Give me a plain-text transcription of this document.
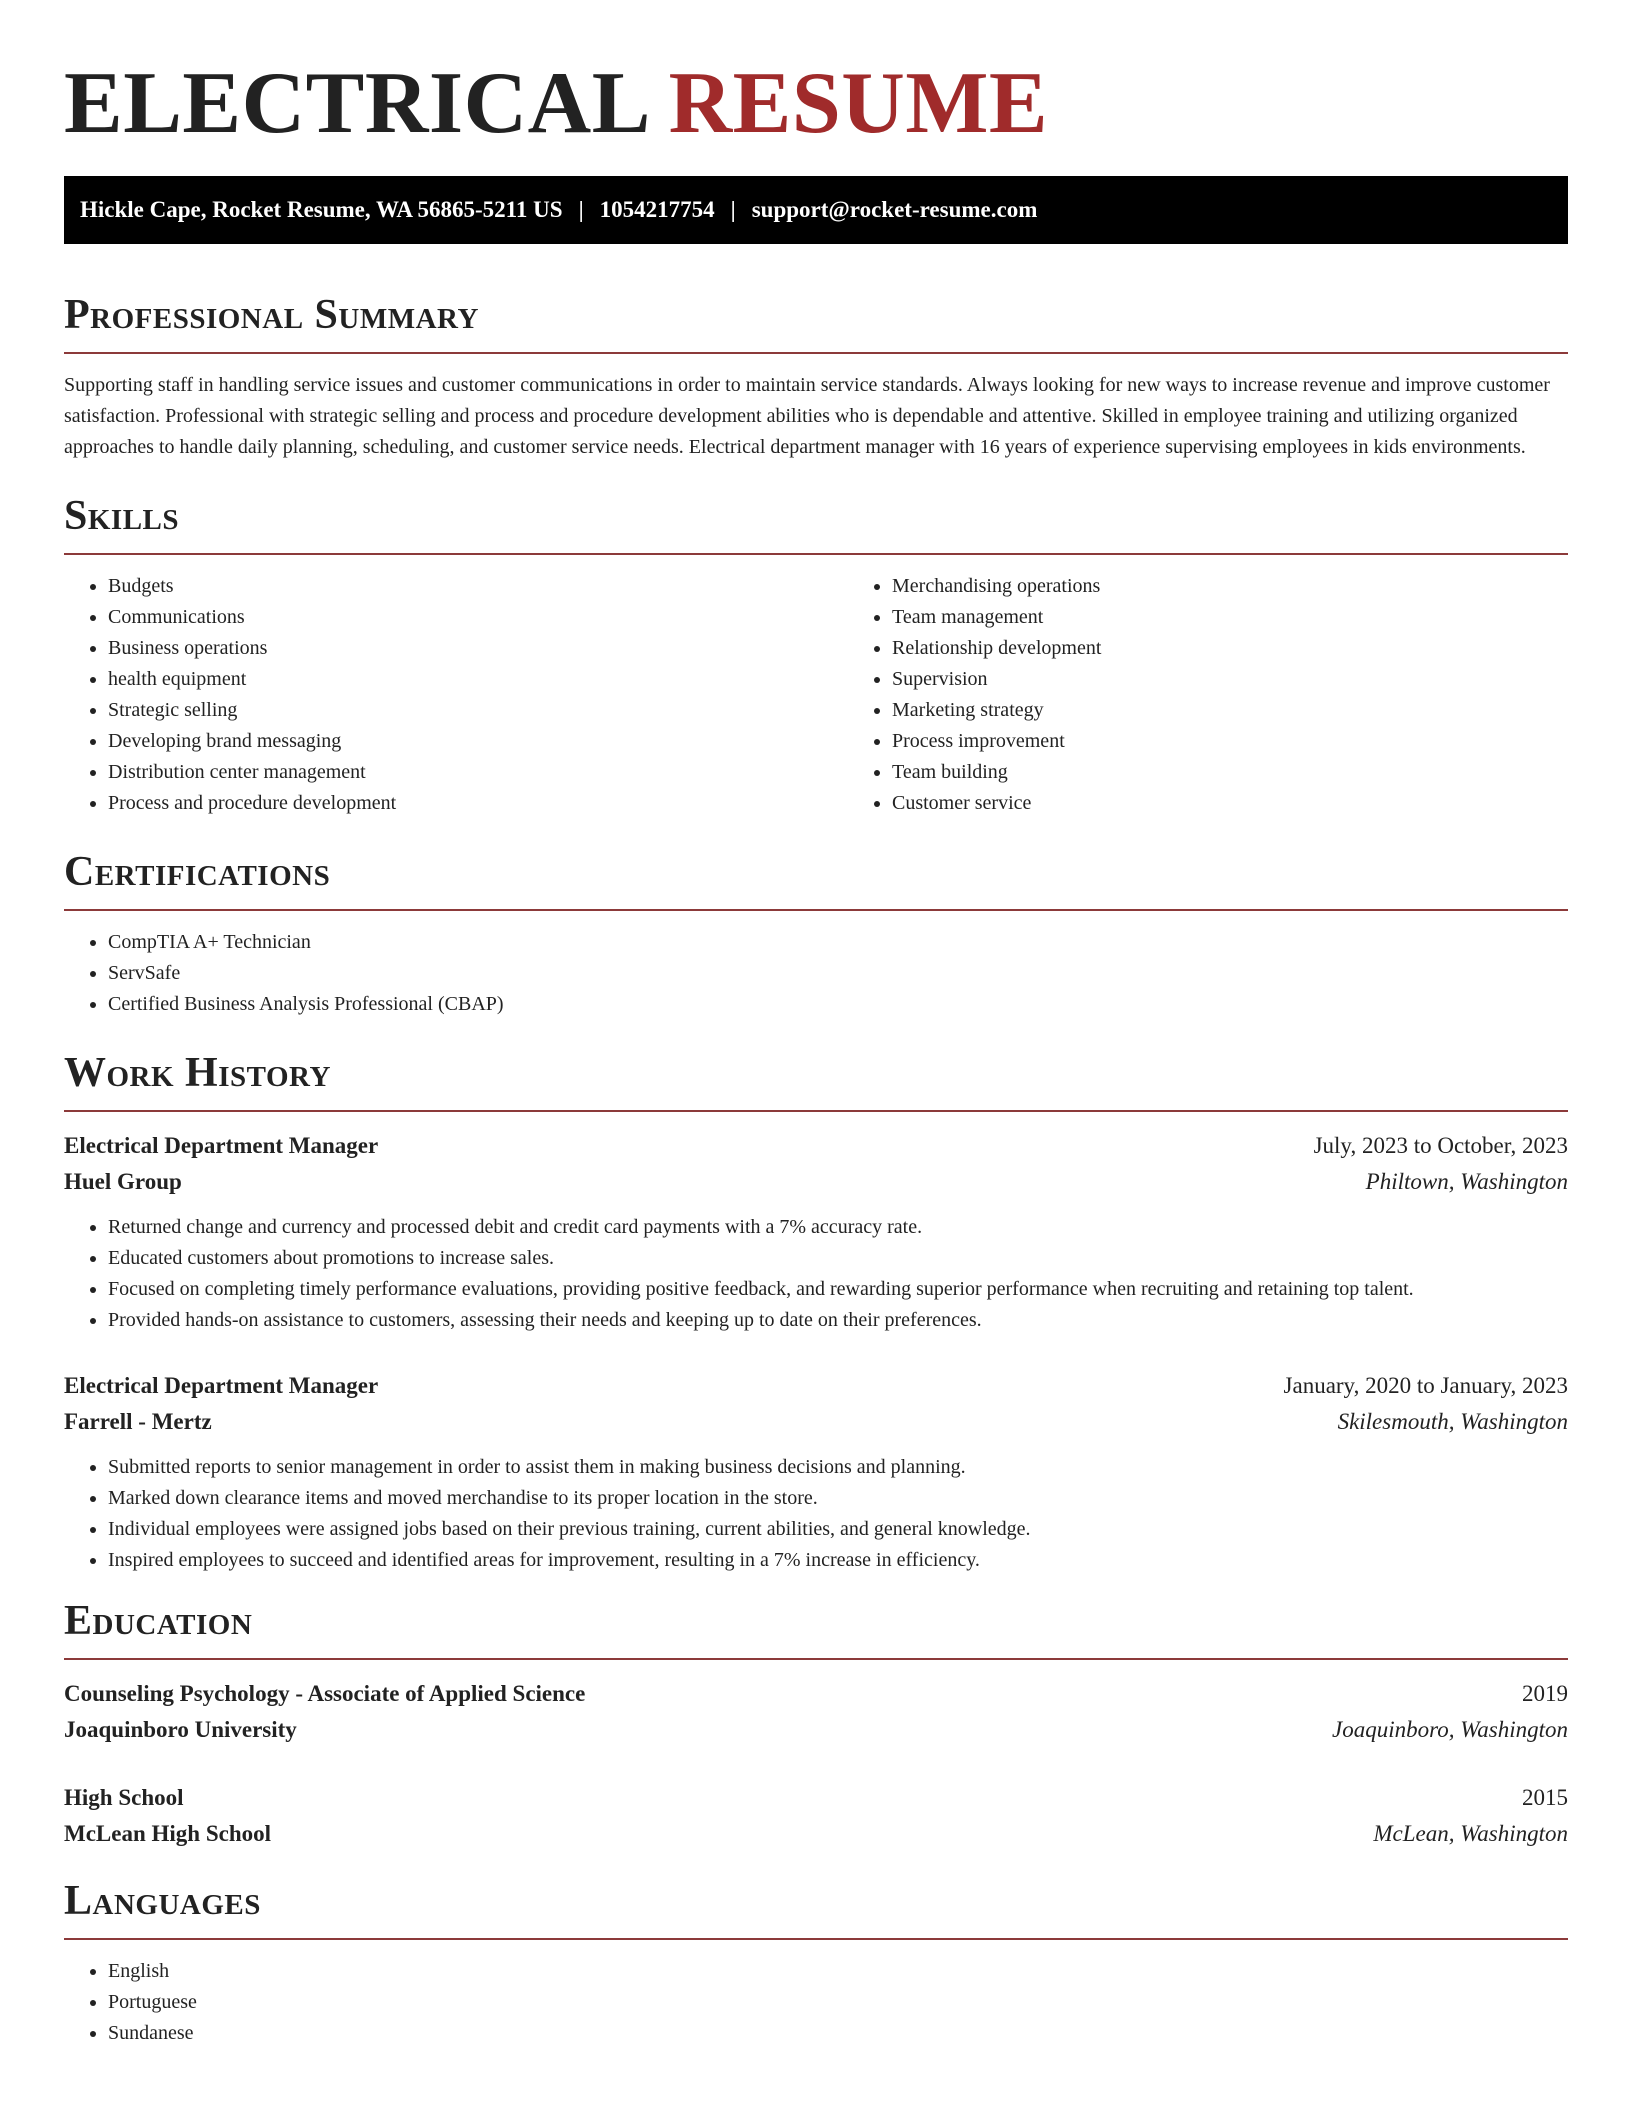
ELECTRICAL RESUME
Hickle Cape, Rocket Resume, WA 56865-5211 US | 1054217754 | support@rocket-resume.com
Professional Summary

Supporting staff in handling service issues and customer communications in order to maintain service standards. Always looking for new ways to increase revenue and improve customer satisfaction. Professional with strategic selling and process and procedure development abilities who is dependable and attentive. Skilled in employee training and utilizing organized approaches to handle daily planning, scheduling, and customer service needs. Electrical department manager with 16 years of experience supervising employees in kids environments.

Skills
• Budgets
• Communications
• Business operations
• health equipment
• Strategic selling
• Developing brand messaging
• Distribution center management
• Process and procedure development
• Merchandising operations
• Team management
• Relationship development
• Supervision
• Marketing strategy
• Process improvement
• Team building
• Customer service
Certifications
• CompTIA A+ Technician
• ServSafe
• Certified Business Analysis Professional (CBAP)
Work History
Electrical Department Manager	July, 2023 to October, 2023
Huel Group	Philtown, Washington
• Returned change and currency and processed debit and credit card payments with a 7% accuracy rate.
• Educated customers about promotions to increase sales.
• Focused on completing timely performance evaluations, providing positive feedback, and rewarding superior performance when recruiting and retaining top talent.
• Provided hands-on assistance to customers, assessing their needs and keeping up to date on their preferences.
Electrical Department Manager	January, 2020 to January, 2023
Farrell - Mertz	Skilesmouth, Washington
• Submitted reports to senior management in order to assist them in making business decisions and planning.
• Marked down clearance items and moved merchandise to its proper location in the store.
• Individual employees were assigned jobs based on their previous training, current abilities, and general knowledge.
• Inspired employees to succeed and identified areas for improvement, resulting in a 7% increase in efficiency.
Education
Counseling Psychology - Associate of Applied Science	2019
Joaquinboro University	Joaquinboro, Washington
High School	2015
McLean High School	McLean, Washington
Languages
• English
• Portuguese
• Sundanese
